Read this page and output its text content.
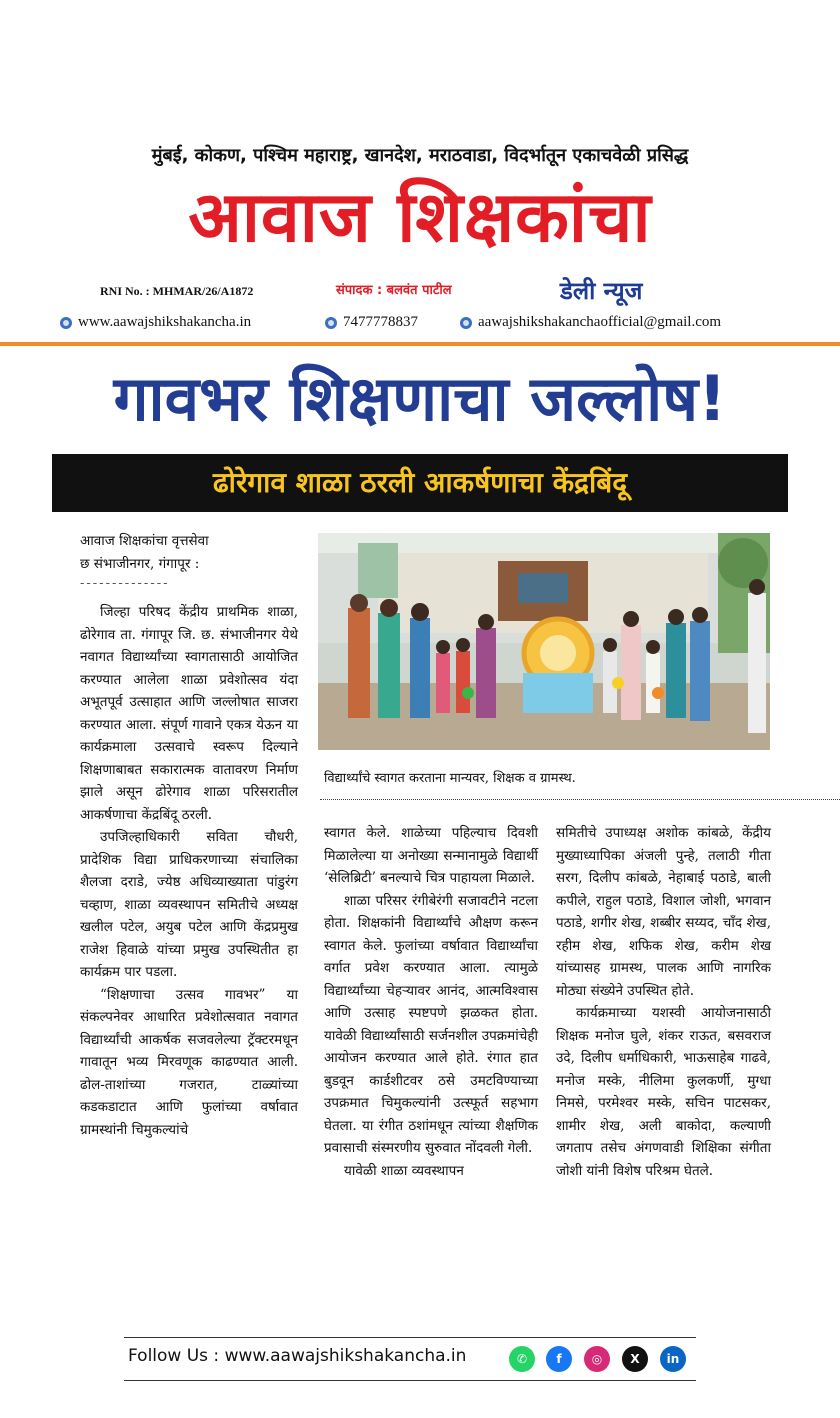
मुंबई, कोकण, पश्चिम महाराष्ट्र, खानदेश, मराठवाडा, विदर्भातून एकाचवेळी प्रसिद्ध
आवाज शिक्षकांचा
RNI No. : MHMAR/26/A1872	संपादक : बलवंत पाटील	डेली न्यूज
www.aawajshikshakancha.in	7477778837	aawajshikshakanchaofficial@gmail.com
गावभर शिक्षणाचा जल्लोष!
ढोरेगाव शाळा ठरली आकर्षणाचा केंद्रबिंदू
आवाज शिक्षकांचा वृत्तसेवा
छ संभाजीनगर, गंगापूर :
--------------

जिल्हा परिषद केंद्रीय प्राथमिक शाळा, ढोरेगाव ता. गंगापूर जि. छ. संभाजीनगर येथे नवागत विद्यार्थ्यांच्या स्वागतासाठी आयोजित करण्यात आलेला शाळा प्रवेशोत्सव यंदा अभूतपूर्व उत्साहात आणि जल्लोषात साजरा करण्यात आला. संपूर्ण गावाने एकत्र येऊन या कार्यक्रमाला उत्सवाचे स्वरूप दिल्याने शिक्षणाबाबत सकारात्मक वातावरण निर्माण झाले असून ढोरेगाव शाळा परिसरातील आकर्षणाचा केंद्रबिंदू ठरली.

उपजिल्हाधिकारी सविता चौधरी, प्रादेशिक विद्या प्राधिकरणाच्या संचालिका शैलजा दराडे, ज्येष्ठ अधिव्याख्याता पांडुरंग चव्हाण, शाळा व्यवस्थापन समितीचे अध्यक्ष खलील पटेल, अयुब पटेल आणि केंद्रप्रमुख राजेश हिवाळे यांच्या प्रमुख उपस्थितीत हा कार्यक्रम पार पडला.

“शिक्षणाचा उत्सव गावभर” या संकल्पनेवर आधारित प्रवेशोत्सवात नवागत विद्यार्थ्यांची आकर्षक सजवलेल्या ट्रॅक्टरमधून गावातून भव्य मिरवणूक काढण्यात आली. ढोल-ताशांच्या गजरात, टाळ्यांच्या कडकडाटात आणि फुलांच्या वर्षावात ग्रामस्थांनी चिमुकल्यांचे

विद्यार्थ्यांचे स्वागत करताना मान्यवर, शिक्षक व ग्रामस्थ.

स्वागत केले. शाळेच्या पहिल्याच दिवशी मिळालेल्या या अनोख्या सन्मानामुळे विद्यार्थी ‘सेलिब्रिटी’ बनल्याचे चित्र पाहायला मिळाले.

शाळा परिसर रंगीबेरंगी सजावटीने नटला होता. शिक्षकांनी विद्यार्थ्यांचे औक्षण करून स्वागत केले. फुलांच्या वर्षावात विद्यार्थ्यांचा वर्गात प्रवेश करण्यात आला. त्यामुळे विद्यार्थ्यांच्या चेहऱ्यावर आनंद, आत्मविश्वास आणि उत्साह स्पष्टपणे झळकत होता. यावेळी विद्यार्थ्यांसाठी सर्जनशील उपक्रमांचेही आयोजन करण्यात आले होते. रंगात हात बुडवून कार्डशीटवर ठसे उमटविण्याच्या उपक्रमात चिमुकल्यांनी उत्स्फूर्त सहभाग घेतला. या रंगीत ठशांमधून त्यांच्या शैक्षणिक प्रवासाची संस्मरणीय सुरुवात नोंदवली गेली.

यावेळी शाळा व्यवस्थापन

समितीचे उपाध्यक्ष अशोक कांबळे, केंद्रीय मुख्याध्यापिका अंजली पुन्हे, तलाठी गीता सरग, दिलीप कांबळे, नेहाबाई पठाडे, बाली कपीले, राहुल पठाडे, विशाल जोशी, भगवान पठाडे, शगीर शेख, शब्बीर सय्यद, चाँद शेख, रहीम शेख, शफिक शेख, करीम शेख यांच्यासह ग्रामस्थ, पालक आणि नागरिक मोठ्या संख्येने उपस्थित होते.

कार्यक्रमाच्या यशस्वी आयोजनासाठी शिक्षक मनोज घुले, शंकर राऊत, बसवराज उदे, दिलीप धर्माधिकारी, भाऊसाहेब गाढवे, मनोज मस्के, नीलिमा कुलकर्णी, मुग्धा निमसे, परमेश्वर मस्के, सचिन पाटसकर, शामीर शेख, अली बाकोदा, कल्याणी जगताप तसेच अंगणवाडी शिक्षिका संगीता जोशी यांनी विशेष परिश्रम घेतले.

Follow Us : www.aawajshikshakancha.in	✆ f	◎ X in
